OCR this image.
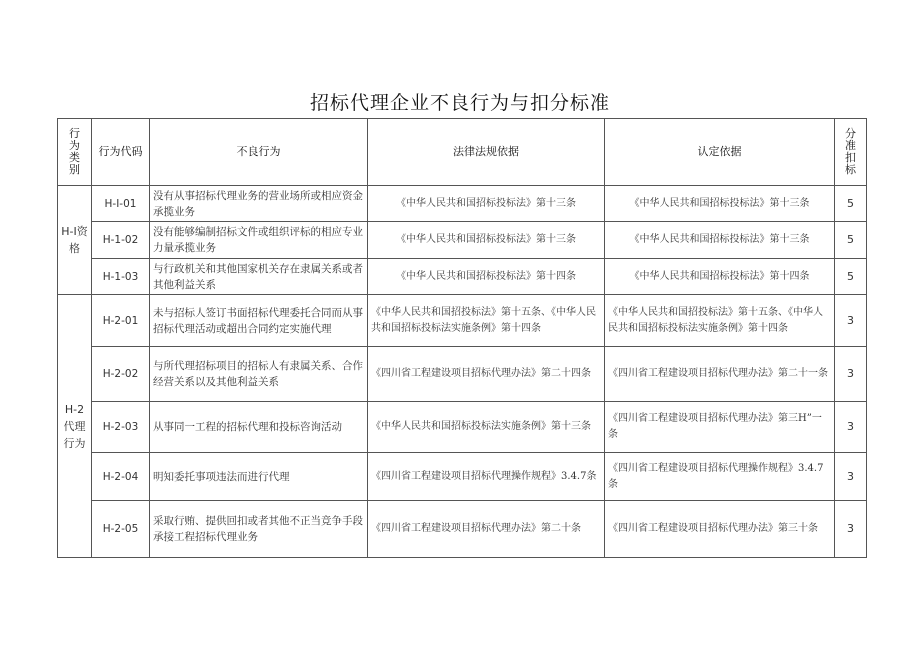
招标代理企业不良行为与扣分标准
行为类别	行为代码	不良行为	法律法规依据	认定依据	分准扣标

H-I资格	H-I-01	没有从事招标代理业务的营业场所或相应资金承揽业务	《中华人民共和国招标投标法》第十三条	《中华人民共和国招标投标法》第十三条	5
	H-1-02	没有能够编制招标文件或组织评标的相应专业力量承揽业务	《中华人民共和国招标投标法》第十三条	《中华人民共和国招标投标法》第十三条	5
	H-1-03	与行政机关和其他国家机关存在隶属关系或者其他利益关系	《中华人民共和国招标投标法》第十四条	《中华人民共和国招标投标法》第十四条	5
H-2代理行为	H-2-01	未与招标人签订书面招标代理委托合同而从事招标代理活动或超出合同约定实施代理	《中华人民共和国招投标法》第十五条、《中华人民共和国招标投标法实施条例》第十四条	《中华人民共和国招投标法》第十五条、《中华人民共和国招标投标法实施条例》第十四条	3
	H-2-02	与所代理招标项目的招标人有隶属关系、合作经营关系以及其他利益关系	《四川省工程建设项目招标代理办法》第二十四条	《四川省工程建设项目招标代理办法》第二十一条	3
	H-2-03	从事同一工程的招标代理和投标咨询活动	《中华人民共和国招标投标法实施条例》第十三条	《四川省工程建设项目招标代理办法》第三H”一条	3
	H-2-04	明知委托事项违法而进行代理	《四川省工程建设项目招标代理操作规程》3.4.7条	《四川省工程建设项目招标代理操作规程》3.4.7条	3
	H-2-05	采取行贿、提供回扣或者其他不正当竞争手段承接工程招标代理业务	《四川省工程建设项目招标代理办法》第二十条	《四川省工程建设项目招标代理办法》第三十条	3
